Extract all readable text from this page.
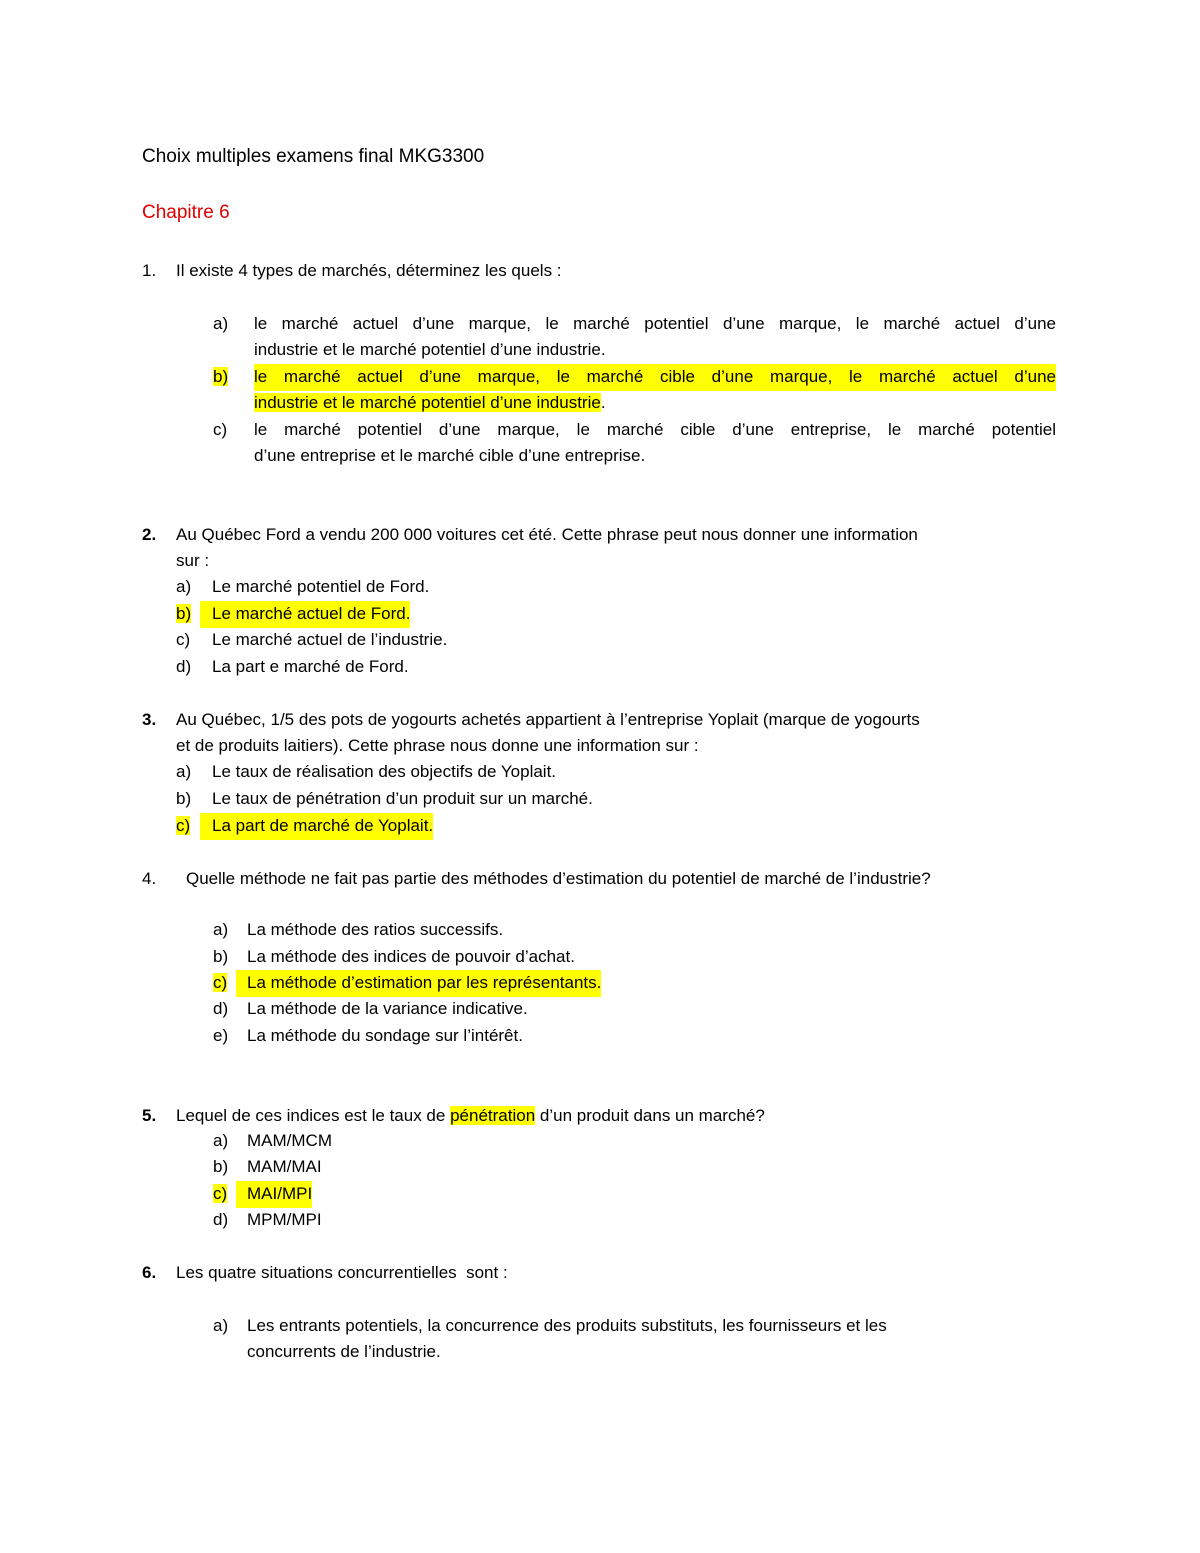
Choix multiples examens final MKG3300
Chapitre 6
1. Il existe 4 types de marchés, déterminez les quels :
a) le marché actuel d’une marque, le marché potentiel d’une marque, le marché actuel d’une
industrie et le marché potentiel d’une industrie.
b) le marché actuel d’une marque, le marché cible d’une marque, le marché actuel d’une
industrie et le marché potentiel d’une industrie.
c) le marché potentiel d’une marque, le marché cible d’une entreprise, le marché potentiel
d’une entreprise et le marché cible d’une entreprise.
2. Au Québec Ford a vendu 200 000 voitures cet été. Cette phrase peut nous donner une information
sur :
a) Le marché potentiel de Ford.
b)	Le marché actuel de Ford.
c) Le marché actuel de l’industrie.
d) La part e marché de Ford.
3. Au Québec, 1/5 des pots de yogourts achetés appartient à l’entreprise Yoplait (marque de yogourts
et de produits laitiers). Cette phrase nous donne une information sur :
a) Le taux de réalisation des objectifs de Yoplait.
b) Le taux de pénétration d’un produit sur un marché.
c)	La part de marché de Yoplait.
4. Quelle méthode ne fait pas partie des méthodes d’estimation du potentiel de marché de l’industrie?
a) La méthode des ratios successifs.
b) La méthode des indices de pouvoir d’achat.
c)	La méthode d’estimation par les représentants.
d) La méthode de la variance indicative.
e) La méthode du sondage sur l’intérêt.
5. Lequel de ces indices est le taux de pénétration d’un produit dans un marché?
a) MAM/MCM
b) MAM/MAI
c)	MAI/MPI
d) MPM/MPI
6. Les quatre situations concurrentielles  sont :
a) Les entrants potentiels, la concurrence des produits substituts, les fournisseurs et les
concurrents de l’industrie.
